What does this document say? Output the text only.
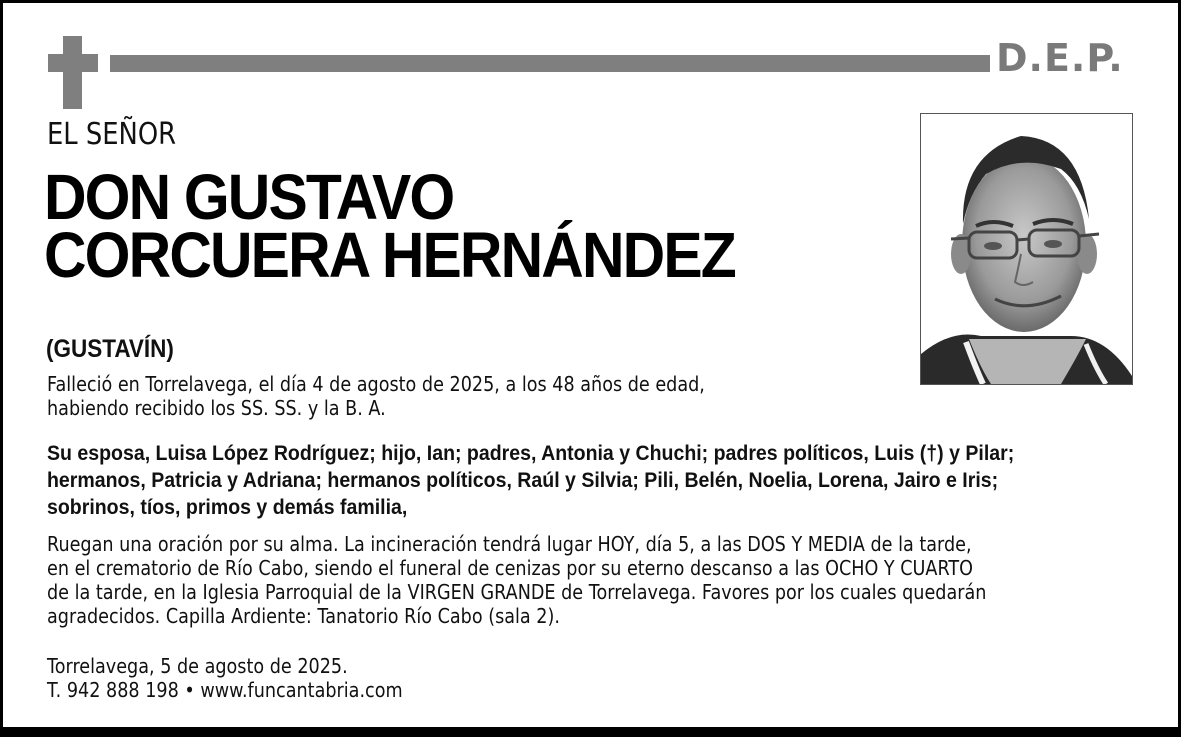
D.E.P.
EL SEÑOR
DON GUSTAVO
CORCUERA HERNÁNDEZ
(GUSTAVÍN)
Falleció en Torrelavega, el día 4 de agosto de 2025, a los 48 años de edad,
habiendo recibido los SS. SS. y la B. A.
Su esposa, Luisa López Rodríguez; hijo, Ian; padres, Antonia y Chuchi; padres políticos, Luis (†) y Pilar;
hermanos, Patricia y Adriana; hermanos políticos, Raúl y Silvia; Pili, Belén, Noelia, Lorena, Jairo e Iris;
sobrinos, tíos, primos y demás familia,
Ruegan una oración por su alma. La incineración tendrá lugar HOY, día 5, a las DOS Y MEDIA de la tarde,
en el crematorio de Río Cabo, siendo el funeral de cenizas por su eterno descanso a las OCHO Y CUARTO
de la tarde, en la Iglesia Parroquial de la VIRGEN GRANDE de Torrelavega. Favores por los cuales quedarán
agradecidos. Capilla Ardiente: Tanatorio Río Cabo (sala 2).
Torrelavega, 5 de agosto de 2025.
T. 942 888 198 • www.funcantabria.com
